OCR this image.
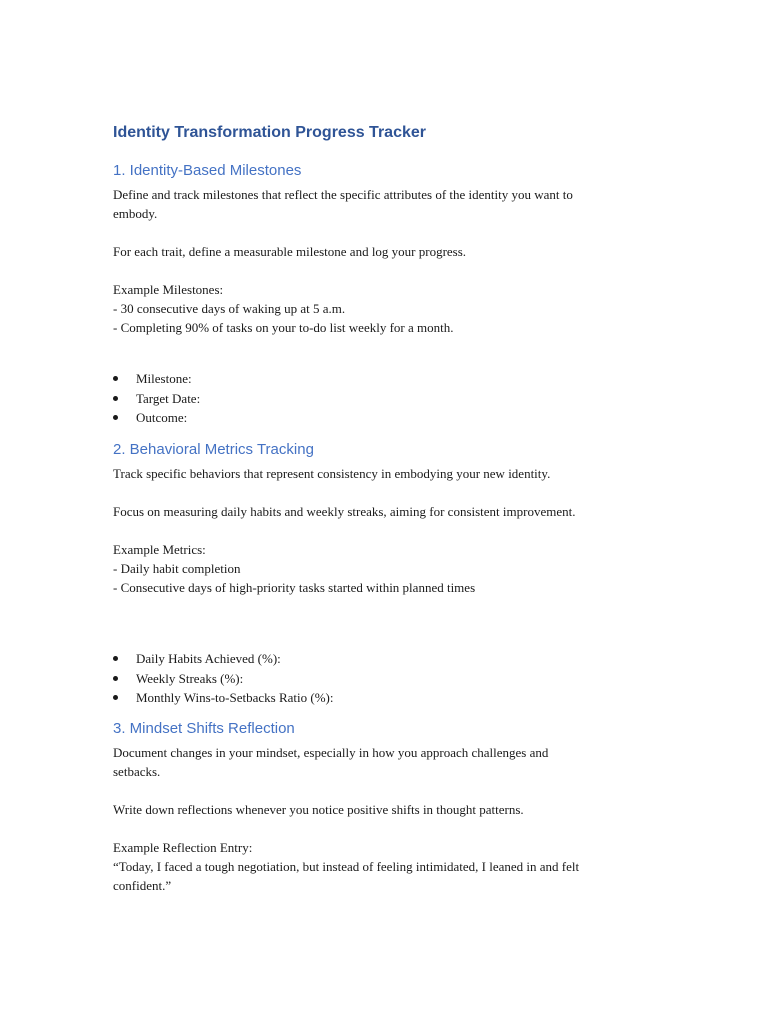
Identity Transformation Progress Tracker
1. Identity-Based Milestones

Define and track milestones that reflect the specific attributes of the identity you want to
embody.

For each trait, define a measurable milestone and log your progress.

Example Milestones:
- 30 consecutive days of waking up at 5 a.m.
- Completing 90% of tasks on your to-do list weekly for a month.

Milestone:
Target Date:
Outcome:
2. Behavioral Metrics Tracking

Track specific behaviors that represent consistency in embodying your new identity.

Focus on measuring daily habits and weekly streaks, aiming for consistent improvement.

Example Metrics:
- Daily habit completion
- Consecutive days of high-priority tasks started within planned times

Daily Habits Achieved (%):
Weekly Streaks (%):
Monthly Wins-to-Setbacks Ratio (%):
3. Mindset Shifts Reflection

Document changes in your mindset, especially in how you approach challenges and
setbacks.

Write down reflections whenever you notice positive shifts in thought patterns.

Example Reflection Entry:
“Today, I faced a tough negotiation, but instead of feeling intimidated, I leaned in and felt
confident.”
